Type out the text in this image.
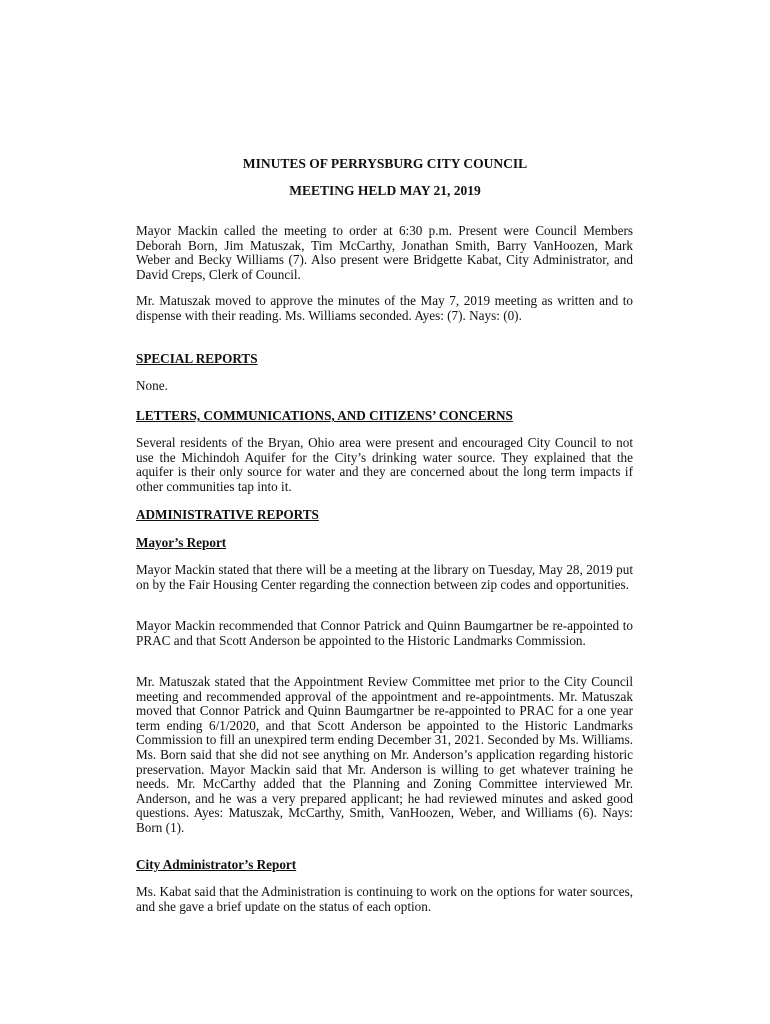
MINUTES OF PERRYSBURG CITY COUNCIL
MEETING HELD MAY 21, 2019
Mayor Mackin called the meeting to order at 6:30 p.m. Present were Council Members Deborah Born, Jim Matuszak, Tim McCarthy, Jonathan Smith, Barry VanHoozen, Mark Weber and Becky Williams (7). Also present were Bridgette Kabat, City Administrator, and David Creps, Clerk of Council.
Mr. Matuszak moved to approve the minutes of the May 7, 2019 meeting as written and to dispense with their reading. Ms. Williams seconded. Ayes: (7). Nays: (0).
SPECIAL REPORTS
None.
LETTERS, COMMUNICATIONS, AND CITIZENS’ CONCERNS
Several residents of the Bryan, Ohio area were present and encouraged City Council to not use the Michindoh Aquifer for the City’s drinking water source. They explained that the aquifer is their only source for water and they are concerned about the long term impacts if other communities tap into it.
ADMINISTRATIVE REPORTS
Mayor’s Report
Mayor Mackin stated that there will be a meeting at the library on Tuesday, May 28, 2019 put on by the Fair Housing Center regarding the connection between zip codes and opportunities.
Mayor Mackin recommended that Connor Patrick and Quinn Baumgartner be re-appointed to PRAC and that Scott Anderson be appointed to the Historic Landmarks Commission.
Mr. Matuszak stated that the Appointment Review Committee met prior to the City Council meeting and recommended approval of the appointment and re-appointments. Mr. Matuszak moved that Connor Patrick and Quinn Baumgartner be re-appointed to PRAC for a one year term ending 6/1/2020, and that Scott Anderson be appointed to the Historic Landmarks Commission to fill an unexpired term ending December 31, 2021. Seconded by Ms. Williams. Ms. Born said that she did not see anything on Mr. Anderson’s application regarding historic preservation. Mayor Mackin said that Mr. Anderson is willing to get whatever training he needs. Mr. McCarthy added that the Planning and Zoning Committee interviewed Mr. Anderson, and he was a very prepared applicant; he had reviewed minutes and asked good questions. Ayes: Matuszak, McCarthy, Smith, VanHoozen, Weber, and Williams (6). Nays: Born (1).
City Administrator’s Report
Ms. Kabat said that the Administration is continuing to work on the options for water sources, and she gave a brief update on the status of each option.
